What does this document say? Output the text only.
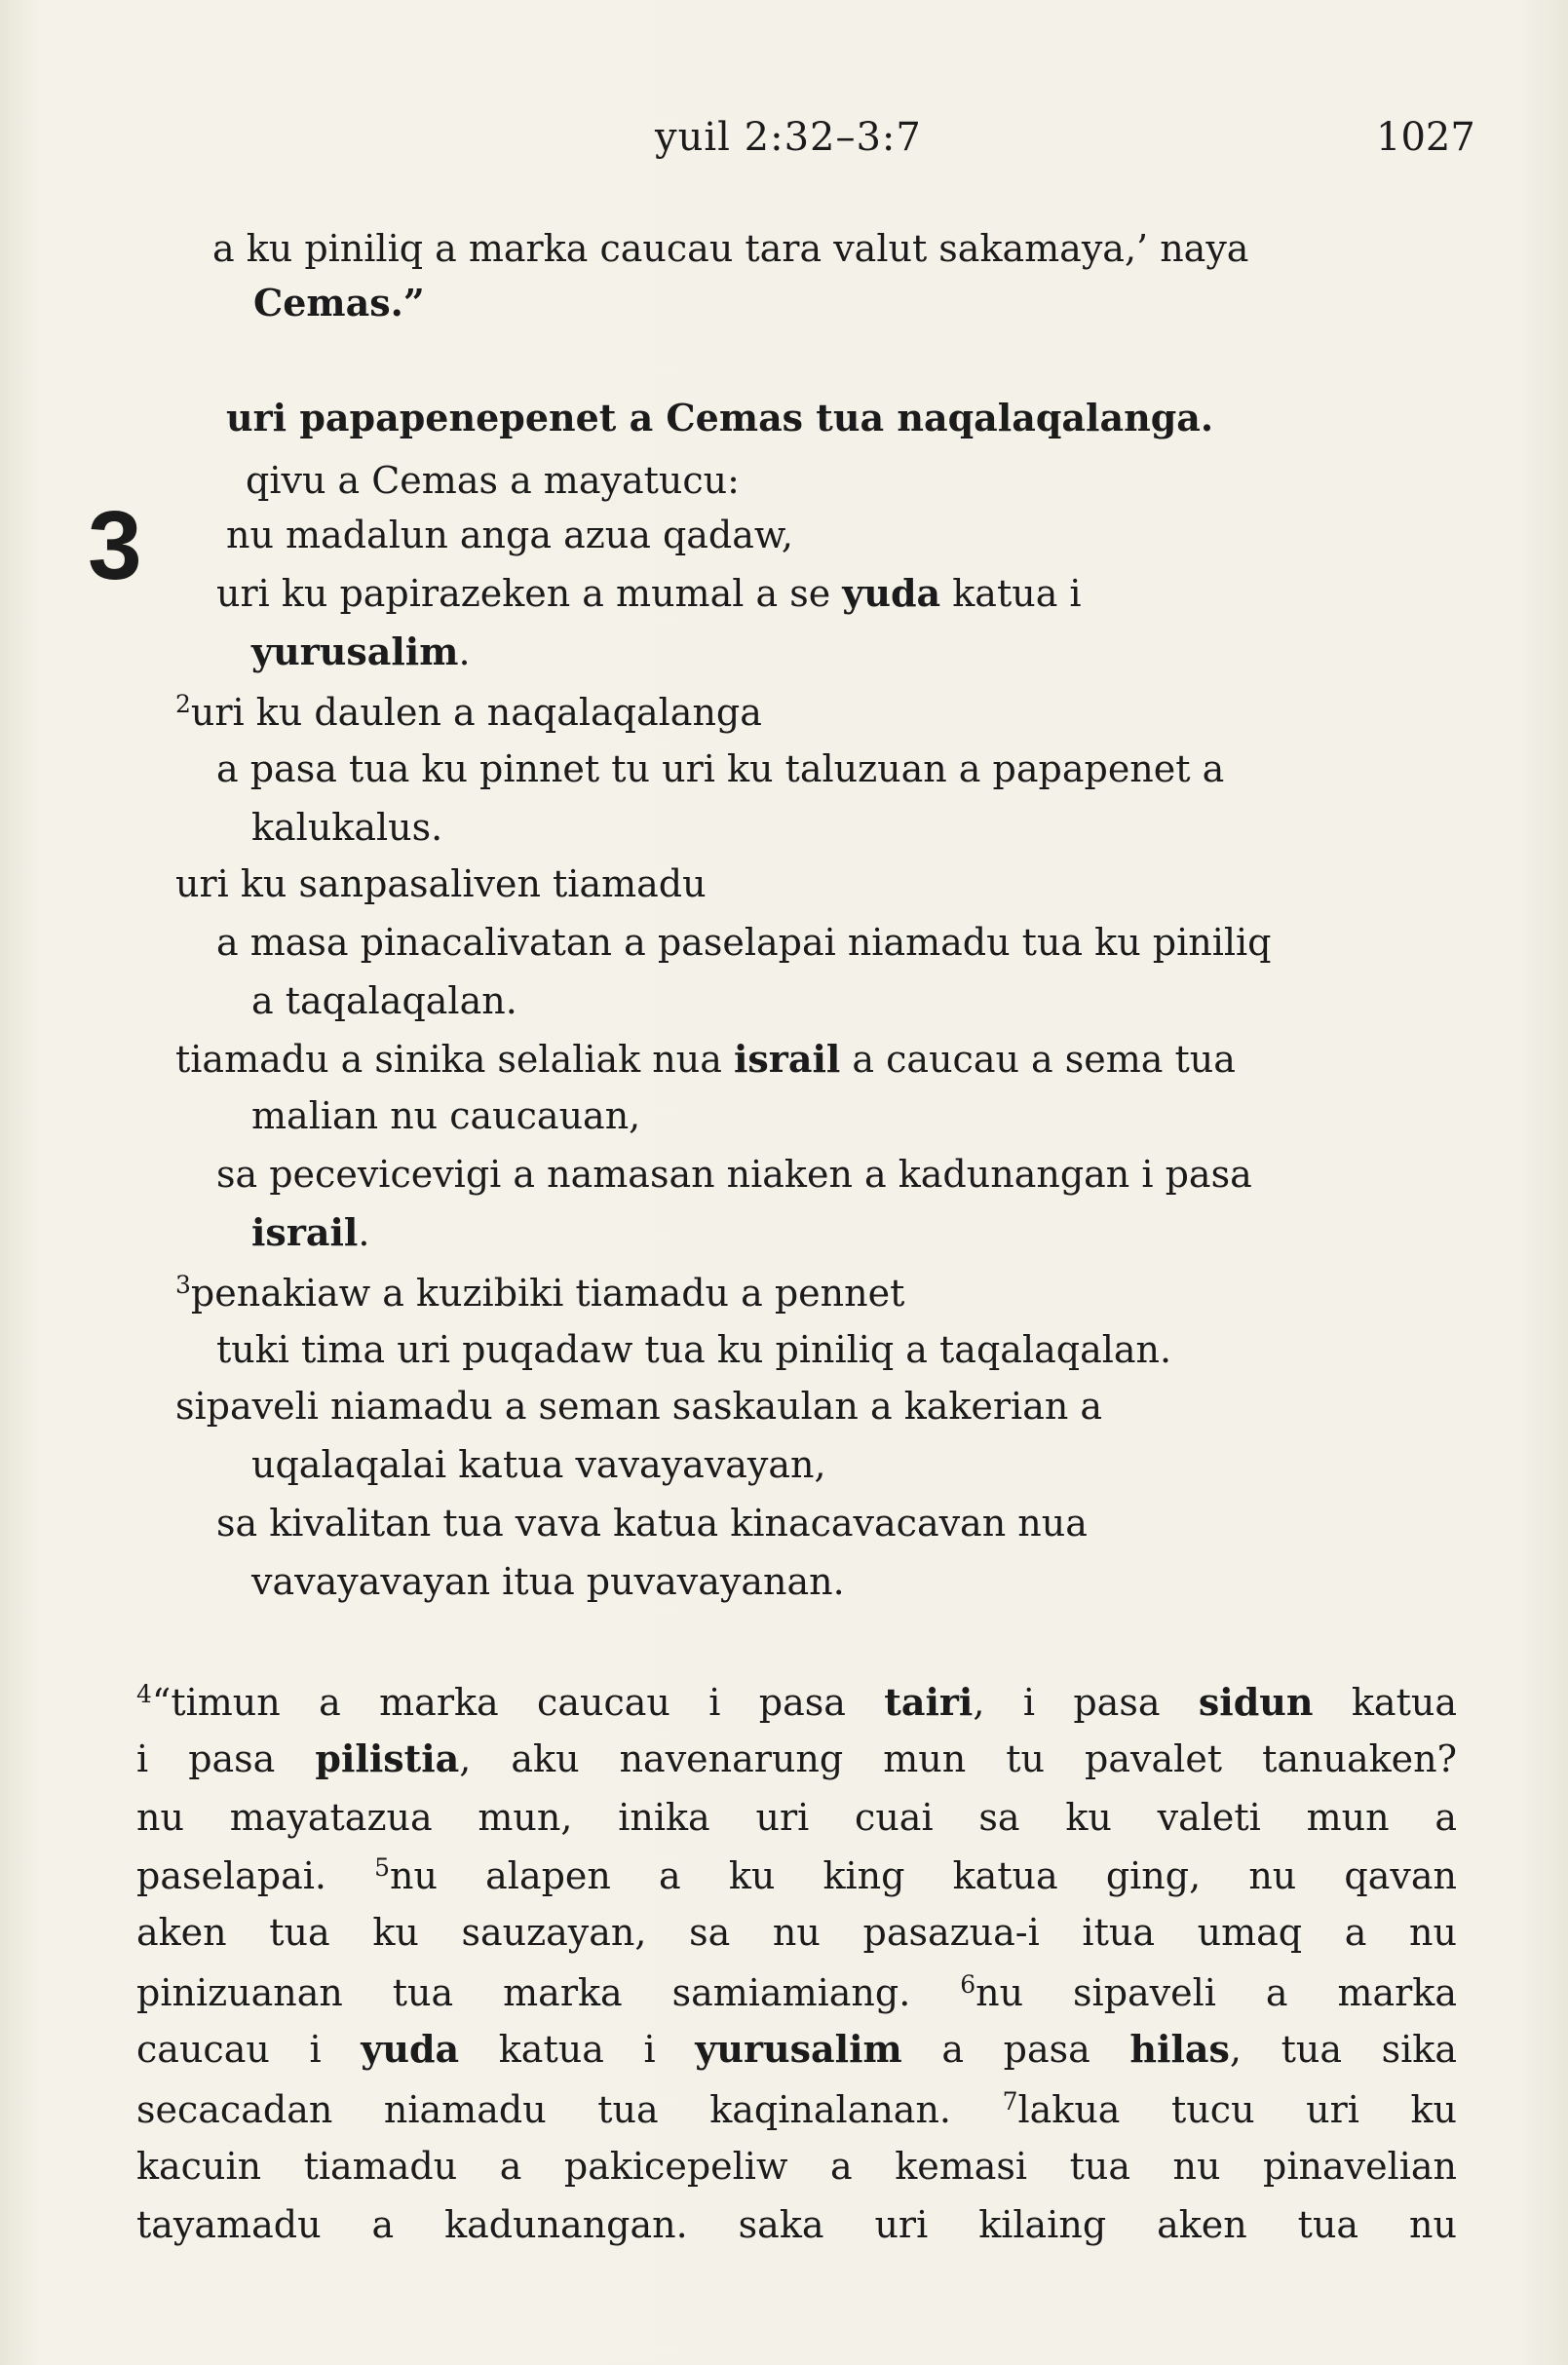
yuil 2:32–3:7	1027
a ku piniliq a marka caucau tara valut sakamaya,’ naya
Cemas.”
uri papapenepenet a Cemas tua naqalaqalanga.
3
qivu a Cemas a mayatucu:
nu madalun anga azua qadaw,
uri ku papirazeken a mumal a se yuda katua i
yurusalim.
$^2$uri ku daulen a naqalaqalanga
a pasa tua ku pinnet tu uri ku taluzuan a papapenet a
kalukalus.
uri ku sanpasaliven tiamadu
a masa pinacalivatan a paselapai niamadu tua ku piniliq
a taqalaqalan.
tiamadu a sinika selaliak nua israil a caucau a sema tua
malian nu caucauan,
sa pecevicevigi a namasan niaken a kadunangan i pasa
israil.
$^3$penakiaw a kuzibiki tiamadu a pennet
tuki tima uri puqadaw tua ku piniliq a taqalaqalan.
sipaveli niamadu a seman saskaulan a kakerian a
uqalaqalai katua vavayavayan,
sa kivalitan tua vava katua kinacavacavan nua
vavayavayan itua puvavayanan.
$^4$“timun a marka caucau i pasa tairi, i pasa sidun katua
i pasa pilistia, aku navenarung mun tu pavalet tanuaken?
nu mayatazua mun, inika uri cuai sa ku valeti mun a
paselapai. $^5$nu alapen a ku king katua ging, nu qavan
aken tua ku sauzayan, sa nu pasazua-i itua umaq a nu
pinizuanan tua marka samiamiang. $^6$nu sipaveli a marka
caucau i yuda katua i yurusalim a pasa hilas, tua sika
secacadan niamadu tua kaqinalanan. $^7$lakua tucu uri ku
kacuin tiamadu a pakicepeliw a kemasi tua nu pinavelian
tayamadu a kadunangan. saka uri kilaing aken tua nu
